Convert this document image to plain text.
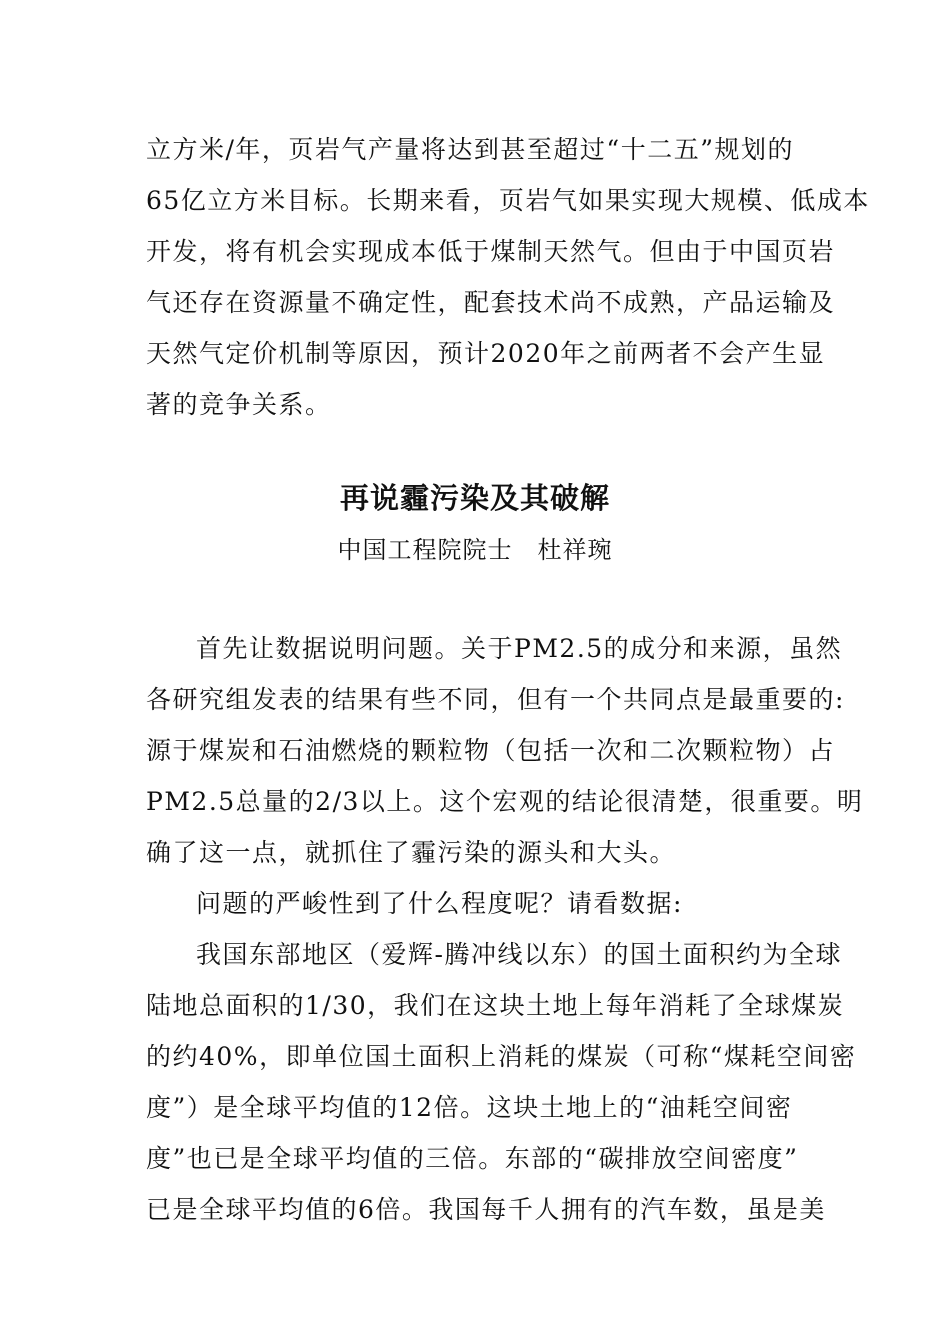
立方米/年，页岩气产量将达到甚至超过“十二五”规划的
65亿立方米目标。长期来看，页岩气如果实现大规模、低成本
开发，将有机会实现成本低于煤制天然气。但由于中国页岩
气还存在资源量不确定性，配套技术尚不成熟，产品运输及
天然气定价机制等原因，预计2020年之前两者不会产生显
著的竞争关系。
再说霾污染及其破解
中国工程院院士　杜祥琬
首先让数据说明问题。关于PM2.5的成分和来源，虽然
各研究组发表的结果有些不同，但有一个共同点是最重要的:
源于煤炭和石油燃烧的颗粒物（包括一次和二次颗粒物）占
PM2.5总量的2/3以上。这个宏观的结论很清楚，很重要。明
确了这一点，就抓住了霾污染的源头和大头。
问题的严峻性到了什么程度呢？请看数据:
我国东部地区（爱辉-腾冲线以东）的国土面积约为全球
陆地总面积的1/30，我们在这块土地上每年消耗了全球煤炭
的约40%，即单位国土面积上消耗的煤炭（可称“煤耗空间密
度”）是全球平均值的12倍。这块土地上的“油耗空间密
度”也已是全球平均值的三倍。东部的“碳排放空间密度”
已是全球平均值的6倍。我国每千人拥有的汽车数，虽是美
